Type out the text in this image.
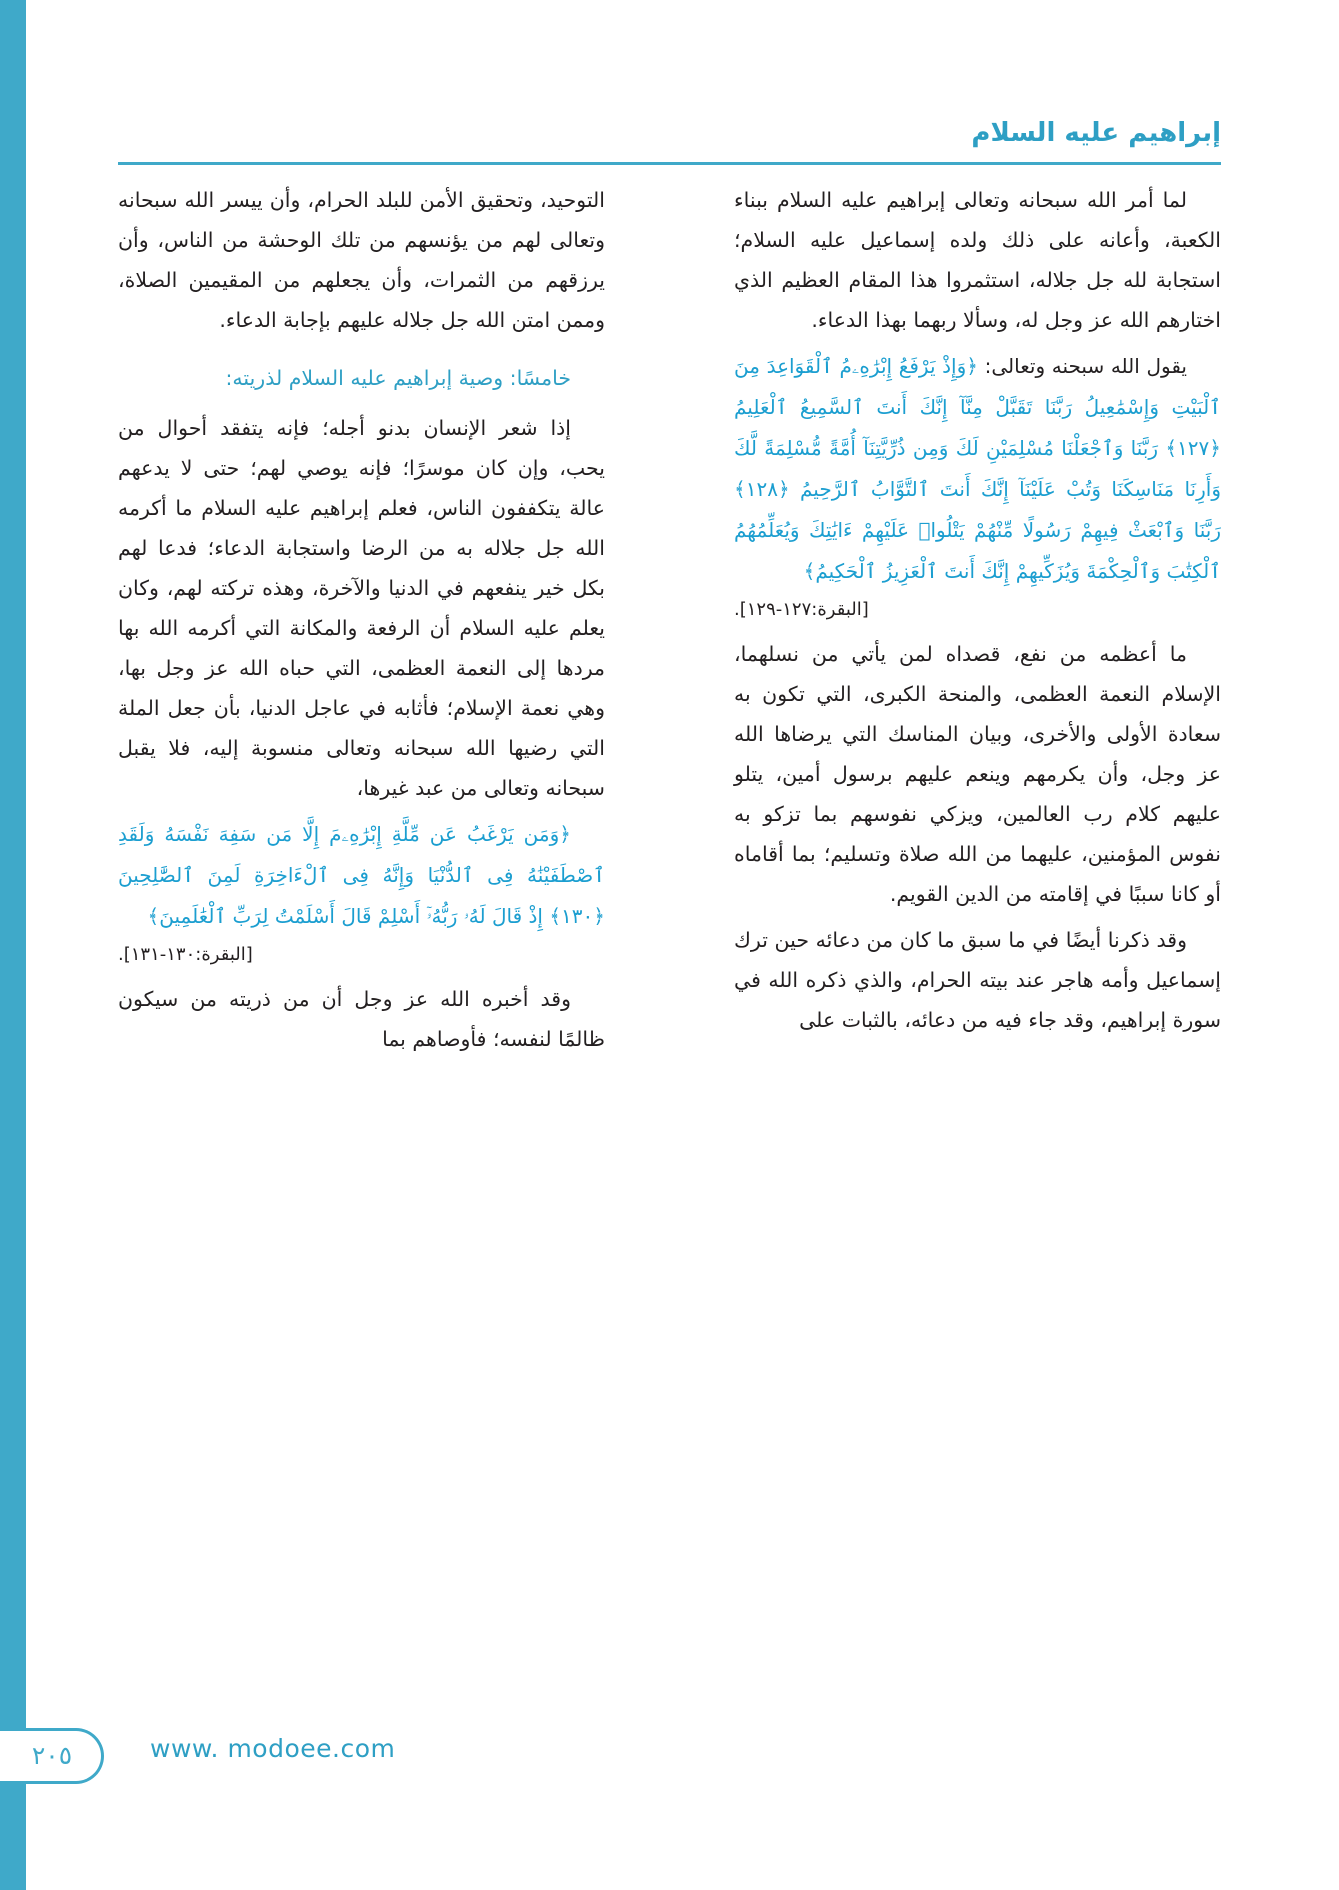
إبراهيم عليه السلام

لما أمر الله سبحانه وتعالى إبراهيم عليه السلام ببناء الكعبة، وأعانه على ذلك ولده إسماعيل عليه السلام؛ استجابة لله جل جلاله، استثمروا هذا المقام العظيم الذي اختارهم الله عز وجل له، وسألا ربهما بهذا الدعاء.

يقول الله سبحنه وتعالى: ﴿وَإِذْ يَرْفَعُ إِبْرَٰهِۦمُ ٱلْقَوَاعِدَ مِنَ ٱلْبَيْتِ وَإِسْمَٰعِيلُ رَبَّنَا تَقَبَّلْ مِنَّآ إِنَّكَ أَنتَ ٱلسَّمِيعُ ٱلْعَلِيمُ ﴿١٢٧﴾ رَبَّنَا وَٱجْعَلْنَا مُسْلِمَيْنِ لَكَ وَمِن ذُرِّيَّتِنَآ أُمَّةً مُّسْلِمَةً لَّكَ وَأَرِنَا مَنَاسِكَنَا وَتُبْ عَلَيْنَآ إِنَّكَ أَنتَ ٱلتَّوَّابُ ٱلرَّحِيمُ ﴿١٢٨﴾ رَبَّنَا وَٱبْعَثْ فِيهِمْ رَسُولًا مِّنْهُمْ يَتْلُوا۟ عَلَيْهِمْ ءَايَٰتِكَ وَيُعَلِّمُهُمُ ٱلْكِتَٰبَ وَٱلْحِكْمَةَ وَيُزَكِّيهِمْ إِنَّكَ أَنتَ ٱلْعَزِيزُ ٱلْحَكِيمُ﴾

[البقرة:١٢٧-١٢٩].

ما أعظمه من نفع، قصداه لمن يأتي من نسلهما، الإسلام النعمة العظمى، والمنحة الكبرى، التي تكون به سعادة الأولى والأخرى، وبيان المناسك التي يرضاها الله عز وجل، وأن يكرمهم وينعم عليهم برسول أمين، يتلو عليهم كلام رب العالمين، ويزكي نفوسهم بما تزكو به نفوس المؤمنين، عليهما من الله صلاة وتسليم؛ بما أقاماه أو كانا سببًا في إقامته من الدين القويم.

وقد ذكرنا أيضًا في ما سبق ما كان من دعائه حين ترك إسماعيل وأمه هاجر عند بيته الحرام، والذي ذكره الله في سورة إبراهيم، وقد جاء فيه من دعائه، بالثبات على

التوحيد، وتحقيق الأمن للبلد الحرام، وأن ييسر الله سبحانه وتعالى لهم من يؤنسهم من تلك الوحشة من الناس، وأن يرزقهم من الثمرات، وأن يجعلهم من المقيمين الصلاة، وممن امتن الله جل جلاله عليهم بإجابة الدعاء.

خامسًا: وصية إبراهيم عليه السلام لذريته:

إذا شعر الإنسان بدنو أجله؛ فإنه يتفقد أحوال من يحب، وإن كان موسرًا؛ فإنه يوصي لهم؛ حتى لا يدعهم عالة يتكففون الناس، فعلم إبراهيم عليه السلام ما أكرمه الله جل جلاله به من الرضا واستجابة الدعاء؛ فدعا لهم بكل خير ينفعهم في الدنيا والآخرة، وهذه تركته لهم، وكان يعلم عليه السلام أن الرفعة والمكانة التي أكرمه الله بها مردها إلى النعمة العظمى، التي حباه الله عز وجل بها، وهي نعمة الإسلام؛ فأثابه في عاجل الدنيا، بأن جعل الملة التي رضيها الله سبحانه وتعالى منسوبة إليه، فلا يقبل سبحانه وتعالى من عبد غيرها،

﴿وَمَن يَرْغَبُ عَن مِّلَّةِ إِبْرَٰهِۦمَ إِلَّا مَن سَفِهَ نَفْسَهُ وَلَقَدِ ٱصْطَفَيْنَٰهُ فِى ٱلدُّنْيَا وَإِنَّهُ فِى ٱلْءَاخِرَةِ لَمِنَ ٱلصَّٰلِحِينَ ﴿١٣٠﴾ إِذْ قَالَ لَهُۥ رَبُّهُۥٓ أَسْلِمْ قَالَ أَسْلَمْتُ لِرَبِّ ٱلْعَٰلَمِينَ﴾

[البقرة:١٣٠-١٣١].

وقد أخبره الله عز وجل أن من ذريته من سيكون ظالمًا لنفسه؛ فأوصاهم بما

٢٠٥	www. modoee.com
